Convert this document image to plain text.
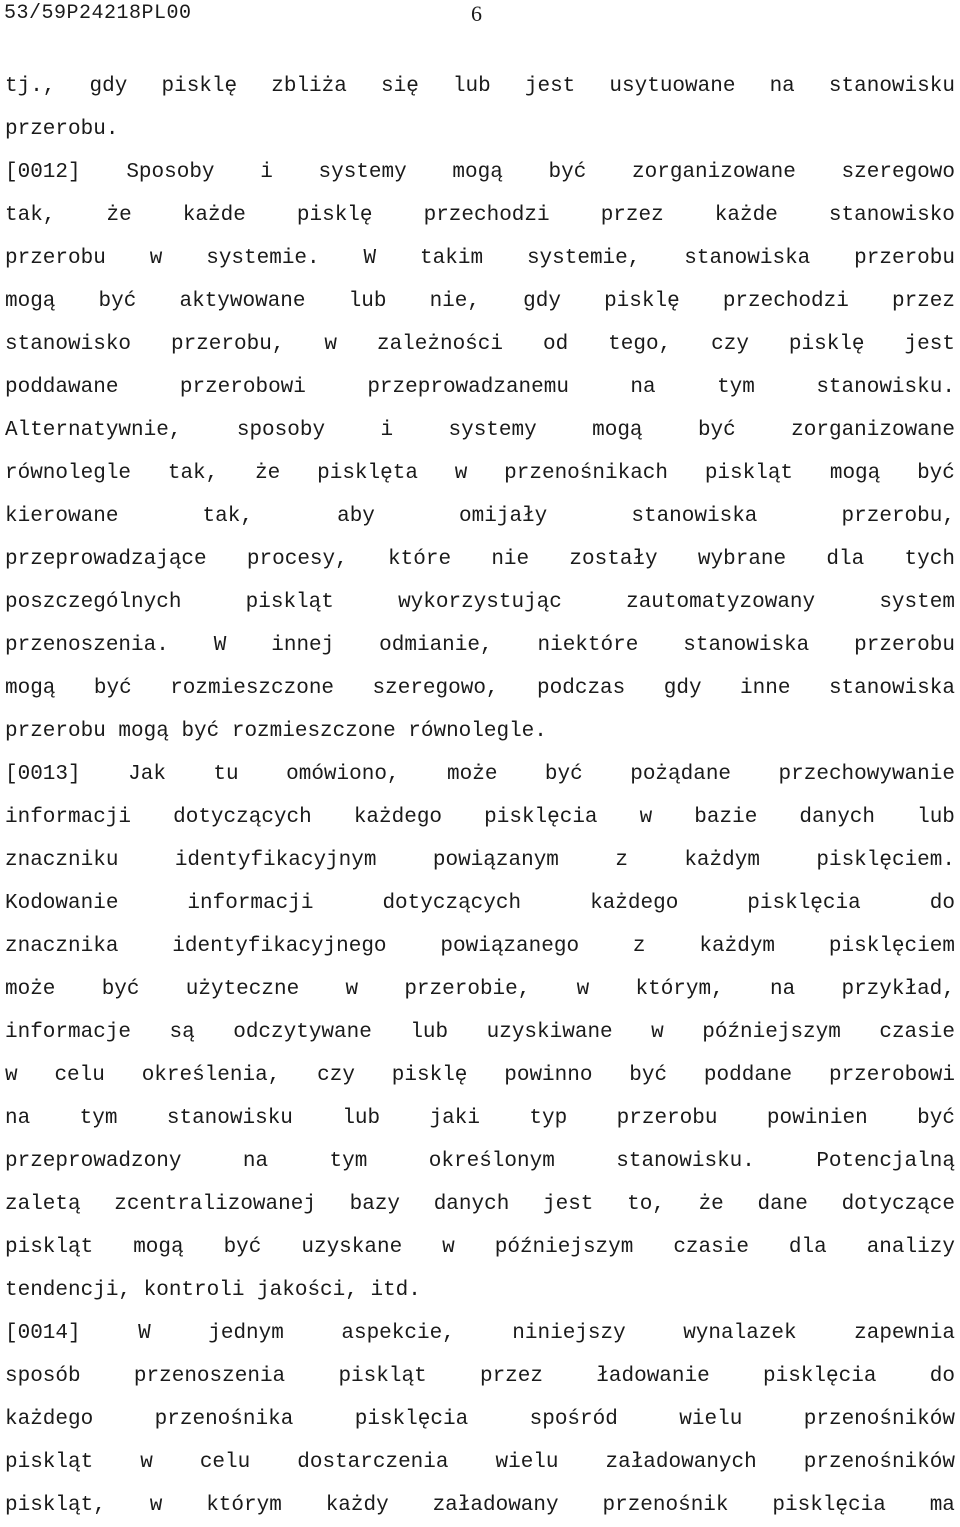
53/59P24218PL00	6
tj., gdy pisklę zbliża się lub jest usytuowane na stanowisku
przerobu.
[0012] Sposoby i systemy mogą być zorganizowane szeregowo
tak, że każde pisklę przechodzi przez każde stanowisko
przerobu w systemie. W takim systemie, stanowiska przerobu
mogą być aktywowane lub nie, gdy pisklę przechodzi przez
stanowisko przerobu, w zależności od tego, czy pisklę jest
poddawane	przerobowi	przeprowadzanemu	na	tym	stanowisku.
Alternatywnie,	sposoby	i	systemy	mogą	być	zorganizowane
równolegle tak, że pisklęta w przenośnikach piskląt mogą być
kierowane	tak,	aby	omijały	stanowiska	przerobu,
przeprowadzające procesy, które nie zostały wybrane dla tych
poszczególnych	piskląt	wykorzystując	zautomatyzowany	system
przenoszenia. W innej odmianie, niektóre stanowiska przerobu
mogą być rozmieszczone szeregowo, podczas gdy inne stanowiska
przerobu mogą być rozmieszczone równolegle.
[0013] Jak tu omówiono, może być pożądane przechowywanie
informacji dotyczących każdego pisklęcia w bazie danych lub
znaczniku	identyfikacyjnym	powiązanym	z	każdym	pisklęciem.
Kodowanie	informacji	dotyczących	każdego	pisklęcia	do
znacznika	identyfikacyjnego	powiązanego	z	każdym	pisklęciem
może być użyteczne w przerobie, w którym, na przykład,
informacje są odczytywane lub uzyskiwane w późniejszym czasie
w celu określenia, czy pisklę powinno być poddane przerobowi
na tym stanowisku lub jaki typ przerobu powinien być
przeprowadzony	na	tym	określonym	stanowisku.	Potencjalną
zaletą zcentralizowanej bazy danych jest to, że dane dotyczące
piskląt mogą być uzyskane w późniejszym czasie dla analizy
tendencji, kontroli jakości, itd.
[0014]	W	jednym	aspekcie,	niniejszy	wynalazek	zapewnia
sposób	przenoszenia	piskląt	przez	ładowanie	pisklęcia	do
każdego	przenośnika	pisklęcia	spośród	wielu	przenośników
piskląt w celu dostarczenia wielu załadowanych przenośników
piskląt, w którym każdy załadowany przenośnik pisklęcia ma
